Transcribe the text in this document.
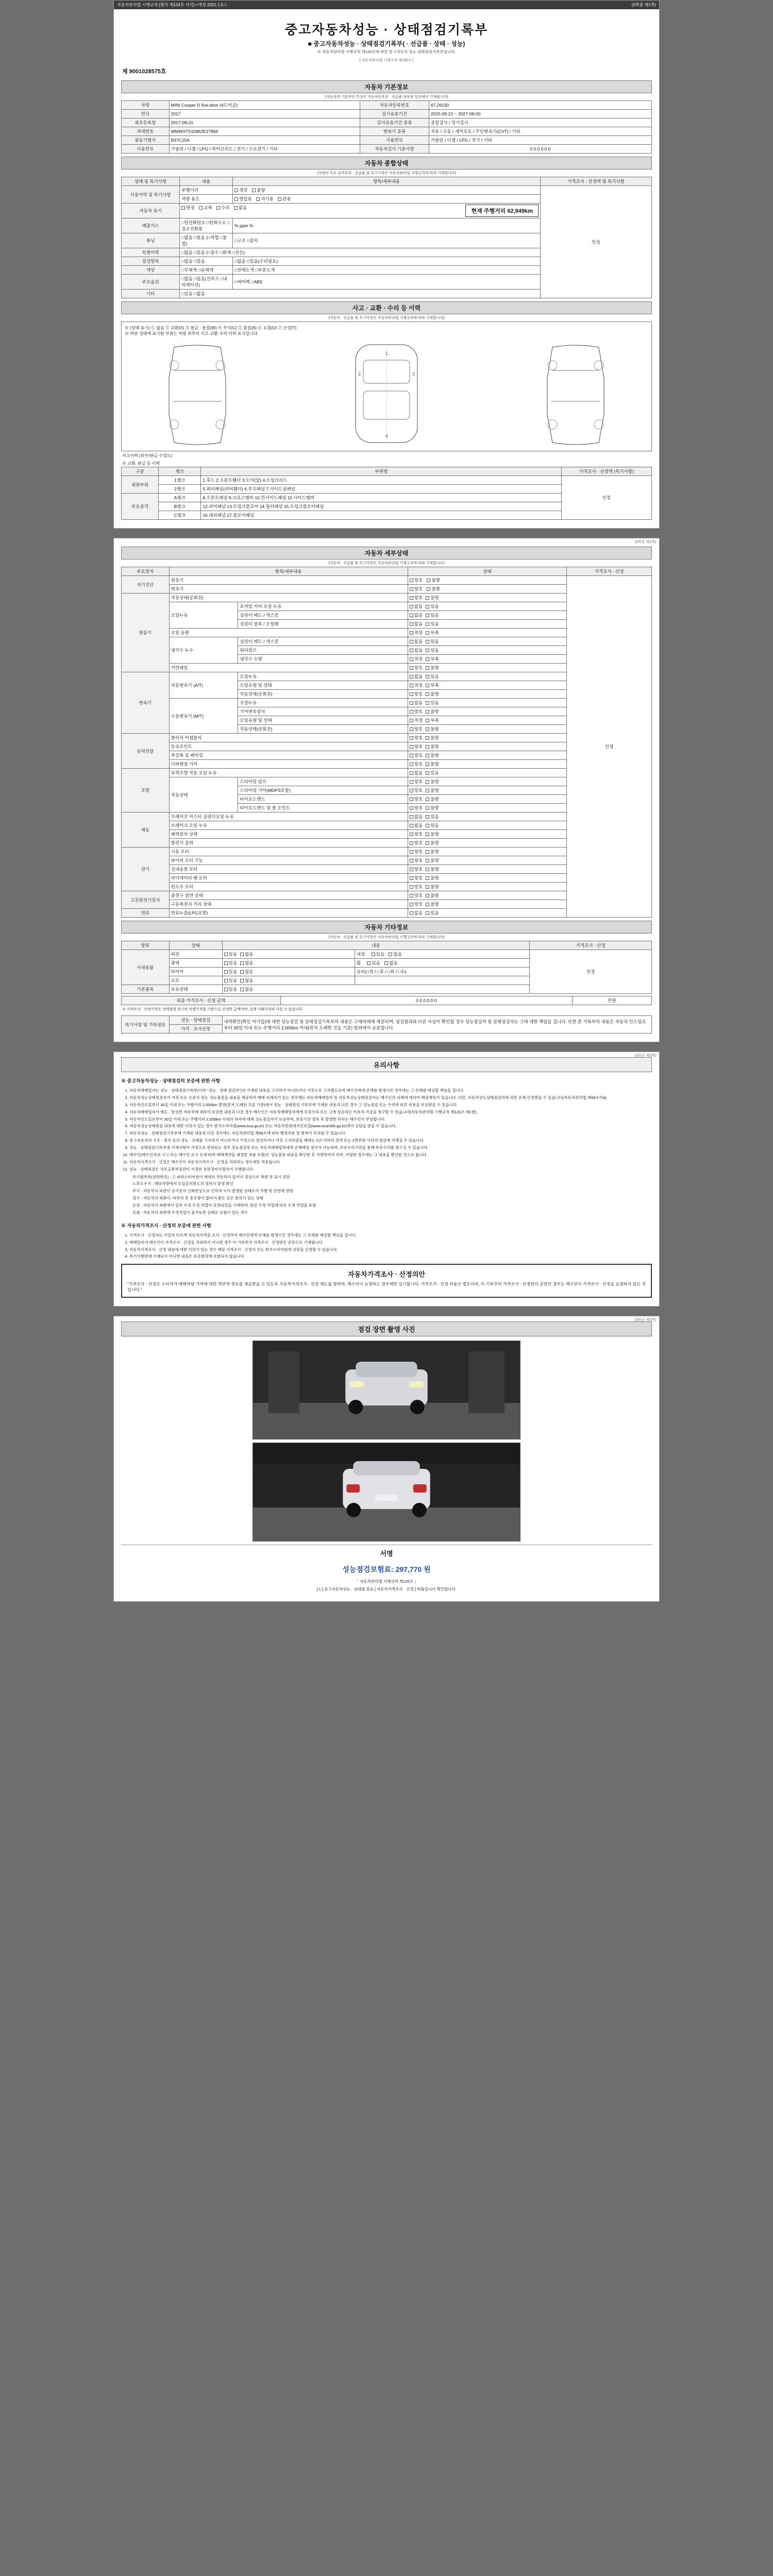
자동차관리법 시행규칙 [별지 제134호 서식] <개정 2021.1.5.>	(3쪽중 제1쪽)
중고자동차성능 · 상태점검기록부
■ 중고자동차성능 · 상태점검기록부( · 선급품 · 상태 · 성능)
※ 자동차관리법 시행규칙 제120조에 따른 중고자동차 성능·상태점검기록부입니다.
[ 자동차관리법 시행규칙 제120조 ]
제 9001028575호
자동차 기본정보
(자동차의 기본적인 특성이 자동차등록증 · 선급품 정보와 일치해야 기재됩니다)
차명	MINI Cooper D five-door (4도어급)	자동차등록번호	67,26130
연식	2017	검사유효기간	2025-09-21 ~ 2027-08-00
최초등록일	2017-09-21	검사유효기간 종류	종합검사 / 정기검사
차대번호	WMWXT510962E27969	변속기 종류	자동 / 수동 / 세미오토 / 무단변속기(CVT) / 기타
원동기형식	B37C15A	사용연료	가솔린 / 디젤 / LPG / 전기 / 기타
사용연료	가솔린 / 디젤 / LPG / 하이브리드 / 전기 / 수소전기 / 기타	자동차검사 기준사항	0 0 0 0 0 0
자동차 종합상태
(차량의 주요 골격부위 · 선급품 및 특기사항은 자동차관리법 시행규칙에 따라 기재합니다)
상태 및 특기사항	내용	항목/세부내용	가격조사 · 산정액 및 특기사항
사용이력 및 특기사항	주행거리	정상 불량	인정
	차량 용도	영업용 자가용 관용	
자동차 표기	변경 교체 수리 없음
현재 주행거리 62,949km		

배출가스	□일산화탄소 □탄화수소 □질소산화물	% ppm %	
튜닝	□없음 □있음 (□적법 □불법)	□구조 □장치	
특별이력	□없음 □있음 (□침수 □화재 □전손)		
점검항목	□없음 □있음	□없음 □있음(수리필요)	
색상	□무채색 □유채색	□전체도색 □부분도색	
주요옵션	□없음 □있음(선루프 □내비게이션)	□에어백 □ABS	
기타	□있음 □없음		
사고 · 교환 · 수리 등 이력
(자동차 · 선급품 및 특기사항은 자동차관리법 시행규칙에 따라 기재합니다)
※ (상태 표시) ① 없음 ② 교환(X) ③ 판금 · 용접(W) ④ 부식(C) ⑤ 흠집(A) ⑥ 요철(U) ⑦ 손상(T)
※ 하단 상태에 표기된 부위는 차량 외부의 사고·교환·수리 이력 표시입니다.
1
2	2
4
사고이력 (외부/판금 수절도)
※ 교환, 판금 등 이력
구분	랭크	부위명	가격조사 · 산정액 (특기사항)
외판부위	1랭크	1.후드 2.프론트휀더 3.도어(앞) 4.트렁크리드	인정
	2랭크	5.쿼터패널(리어휀더) 6.루프패널 7.사이드실패널	
주요골격	A랭크	8.프론트패널 9.크로스멤버 10.인사이드패널 11.사이드멤버	
	B랭크	12.리어패널 13.트렁크플로어 14.필러패널 15.트렁크플로어패널	
	C랭크	16.대쉬패널 17.플로어패널	
(3쪽중 제2쪽)
자동차 세부상태
(자동차 · 선급품 및 특기사항은 자동차관리법 시행규칙에 따라 기재합니다)
주요장치	항목/세부내용		상태	가격조사 · 산정
자기진단	원동기		양호 불량	인정
	변속기		양호 불량	
원동기	작동상태(공회전)		양호 불량	
	오일누유	로커암 커버 오일 누유	없음 있음	
		실린더 헤드 / 개스킷	없음 있음	
		실린더 블록 / 오일팬	없음 있음	
	오일 유량		적정 부족	
	냉각수 누수	실린더 헤드 / 개스킷	없음 있음	
		워터펌프	없음 있음	
		냉각수 수량	적정 부족	
	커먼레일		양호 불량	
변속기	자동변속기 (A/T)	오일누유	없음 있음	
		오일유량 및 상태	적정 부족	
		작동상태(공회전)	양호 불량	
	수동변속기 (M/T)	오일누유	없음 있음	
		기어변속장치	양호 불량	
		오일유량 및 상태	적정 부족	
		작동상태(공회전)	양호 불량	
동력전달	클러치 어셈블리		양호 불량	
	등속조인트		양호 불량	
	추진축 및 베어링		양호 불량	
	디퍼렌셜 기어		양호 불량	
조향	동력조향 작동 오일 누유		없음 있음	
	작동상태	스티어링 펌프	양호 불량	
		스티어링 기어(MDPS포함)	양호 불량	
		타이로드엔드	양호 불량	
		타이로드앤드 및 볼 조인트	양호 불량	
제동	브레이크 마스터 실린더오일 누유		없음 있음	
	브레이크 오일 누유		없음 있음	
	배력장치 상태		양호 불량	
	발전기 출력		양호 불량	
전기	시동 모터		양호 불량	
	와이퍼 모터 기능		양호 불량	
	실내송풍 모터		양호 불량	
	라디에이터 팬 모터		양호 불량	
	윈도우 모터		양호 불량	
고전원전기장치	충전구 절연 상태		양호 불량	
	구동축전지 격리 상태		양호 불량	
연료	연료누출(LPG포함)		없음 있음	
자동차 기타정보
(자동차 · 선급품 및 특기사항은 자동차관리법 시행규칙에 따라 기재합니다)
항목	상태	내용		가격조사 · 산정
사내용품	외관	있음 없음	내장 있음 없음	인정
	광택	있음 없음	휠 있음 없음	
	타이어	있음 없음	유리(□전 / □후 / □좌 / □우)	
	소모	있음 없음		
기본품목	보유상태	있음 없음		
최종 가격조사 · 산정 금액	0 0 0 0 0 0	만원
※ 가격조사 · 산정가격은 상태점검 당시의 차량가격을 기준으로 산정한 금액이며, 실제 거래가격과 다를 수 있습니다.
특기사항 및 기타정보	성능 · 상태점검	내역확인(확인 미기입)에 대한 성능점검 및 상태점검기록부의 내용은 구매자에게 제공되며, 점검결과와 다른 사실이 확인될 경우 성능점검자 및 상태점검자는 그에 대한 책임을 집니다. 또한 본 기록부의 내용은 자동차 인도일로부터 30일 이내 또는 주행거리 2,000km 이내(먼저 도래한 것을 기준) 범위에서 유효합니다.
가격 · 조사산정
(3쪽중 제3쪽)
유의사항
※ 중고자동차성능 · 상태점검의 보증에 관한 사항
1. 자동차매매업자는 성능 · 상태점검기록부(이하 "성능 · 상태 점검부")의 기재된 내용을 고지하지 아니하거나 거짓으로 고지했으로써 매수인에게 손해를 발생시킨 경우에는 그 손해를 배상할 책임을 집니다.
2. 자동차성능상태점검자가 거짓 또는 오류가 있는 성능점검을 내용을 제공하여 매매 피해자가 있는 경우에는 자동차매매업자 및 자동차성능상태점검자는 매수인의 피해에 대하여 배상책임이 있습니다. 다만, 자동차성능상태점검자에 의한 손해 산정받을 수 있습니다(자동차관리법 제58조의4).
3. 자동차인도일부터 30일 이내 또는 주행거리 2,000km 범위(먼저 도래한 것을 기준)에서 성능 · 상태점검 기록부에 기재된 내용과 다른 경우 그 성능점검 또는 수리에 따른 비용을 보상받을 수 있습니다.
4. 자동차매매업자가 매도 · 알선한 자동차에 대하여 보증한 내용과 다른 경우 매수인은 자동차매매업자에게 보증수리 또는 그에 상응하는 비용의 지급을 청구할 수 있습니다(자동차관리법 시행규칙 제120조 제1항).
5. 자동차인도일로부터 30일 이내 또는 주행거리 2,000km 이내의 하자에 대해 성능점검자가 보증하며, 보증기간 경과 후 발생한 하자는 매수인이 부담합니다.
6. 자동차성능상태점검 내용에 대한 이의가 있는 경우 한국소비자원(www.kca.go.kr) 또는 자동차민원대국민포털(www.ecar365.go.kr)에서 상담을 받을 수 있습니다.
7. 자동차성능 · 상태점검기록부에 기재된 내용과 다른 경우에는 자동차관리법 제58조에 따라 행정처분 및 벌칙이 부과될 수 있습니다.
8. 중고자동차의 구조 · 장치 등의 성능 · 상태를 고지하지 아니하거나 거짓으로 점검하거나 거짓 고지하였을 때에는 2년 이하의 징역 또는 2천만원 이하의 벌금에 처해질 수 있습니다.
9. 성능 · 상태점검기록부에 기재사항이 거짓으로 판단되는 경우 성능점검장 또는 자동차매매업자에게 손해배상 청구가 가능하며, 보증수리기관을 통해 보증수리를 받으실 수 있습니다.
10. 매수인(매수인과의 시고 또는 매수인 요구 등에 따라 매매계약을 체결한 자를 포함)은 성능점검 내용을 확인한 후 서명하여야 하며, 서명한 경우에는 그 내용을 확인한 것으로 봅니다.
11. 자동차가격조사 · 산정은 매수인이 자동차가격조사 · 산정을 의뢰하는 경우에만 적용됩니다.
12. 성능 · 상태점검은 국토교통부장관이 지정한 전문정비사업자가 수행합니다.
보기별목록(상단번호) : ① 파워스티어링이 제대로 작동하지 않거나 정상으로 복원 및 표시 진단
노후도수지 : 해당차량에서 오일감지한도의 정차시 발생 확인
부식 : 자동차의 외판이 공기중의 산화현상으로 인하여 녹이 발생된 상태로서 주행 및 안전에 영향
검수 : 자동차의 외판이, 피부의 종 중요항이 없어서 좋은 감은 분위기 있는 상태
손상 : 자동차의 외판에서 일부 수정 수정 작업이 요청되었을 기재하며, 판금 수정 작업에 따른 도색 작업을 포함
요철 : 자동차의 외판에 수정작업이 불가능한 상태로 요철이 있는 경우
※ 자동차가격조사 · 산정의 보증에 관한 사항
1. 가격조사 · 산정자는 사실과 다르게 자동차가격을 조사 · 산정하여 매수인에게 손해를 발생시킨 경우에는 그 손해를 배상할 책임을 집니다.
2. 매매업자가 매수인이 가격조사 · 산정을 의뢰하지 아니한 경우 이 기록부의 가격조사 · 산정란은 공란으로 기재됩니다.
3. 자동차가격조사 · 산정 내용에 대한 이의가 있는 경우 해당 가격조사 · 산정자 또는 한국소비자원에 상담을 신청할 수 있습니다.
4. 특기사항란에 기재되지 아니한 내용은 보증범위에 포함되지 않습니다.
자동차가격조사 · 산정의안
"가격조사 · 산정은 소비자가 매매차량 가격에 대한 객관적 정보를 제공받을 수 있도록 자동차가격조사 · 산정 제도를 말하며, 매수인이 요청하는 경우에만 실시합니다. 가격조사 · 산정 비용은 별도이며, 이 기록부의 가격조사 · 산정란이 공란인 경우는 매수인이 가격조사 · 산정을 요청하지 않은 것입니다."
(3쪽중 제3쪽)
점검 장면 촬영 사진
서명
성능점검보험료: 297,770 원
「 자동차관리법 시행규칙 제120조 」
[ 1 ] 중고자동차성능 · 상태점 검표 [ 자동차가격조사 · 산정 ] 바랍입니다 확인합니다.
